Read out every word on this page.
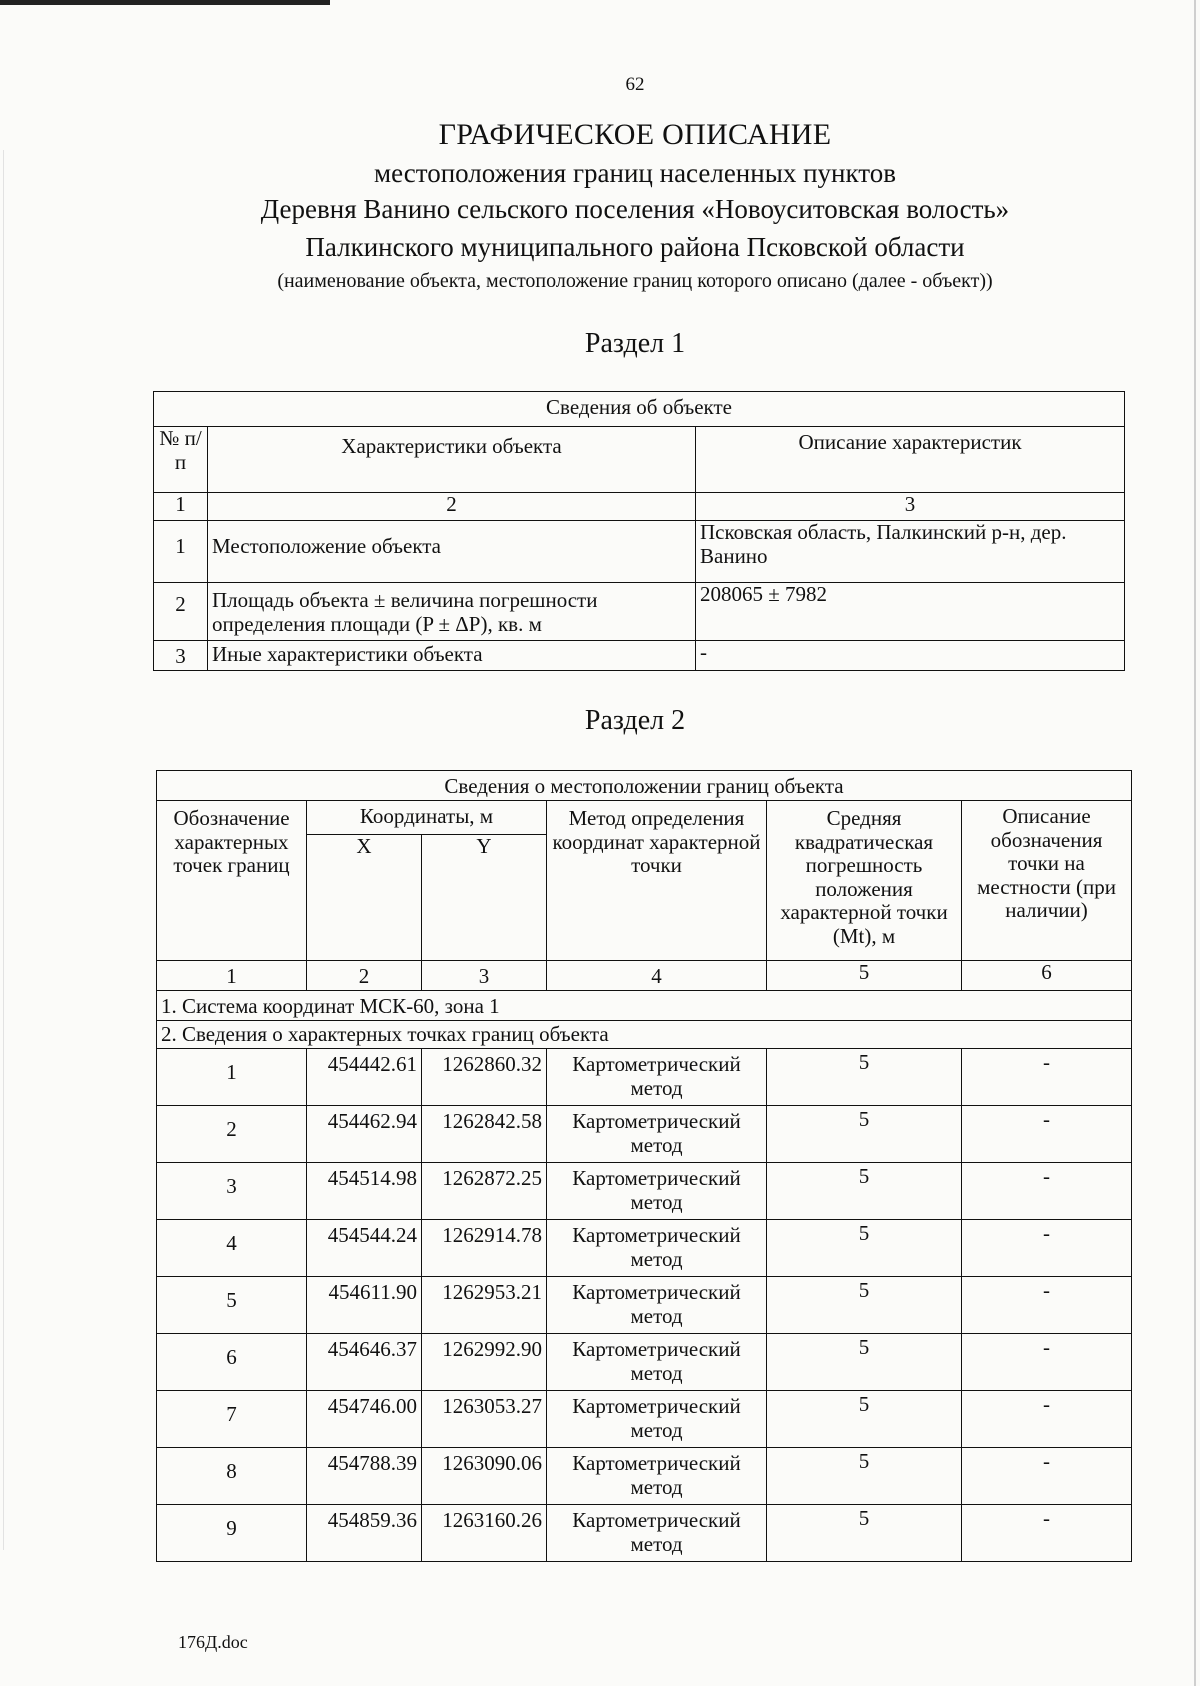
62
ГРАФИЧЕСКОЕ ОПИСАНИЕ
местоположения границ населенных пунктов
Деревня Ванино сельского поселения «Новоуситовская волость»
Палкинского муниципального района Псковской области
(наименование объекта, местоположение границ которого описано (далее - объект))
Раздел 1
Сведения об объекте		
№ п/п	Характеристики объекта	Описание характеристик
1	2	3
1	Местоположение объекта	Псковская область, Палкинский р-н, дер. Ванино
2	Площадь объекта ± величина погрешности определения площади (P ± ΔP), кв. м	208065 ± 7982
3	Иные характеристики объекта	-
Раздел 2
Сведения о местоположении границ объекта					
Обозначение характерных точек границ	Координаты, м		Метод определения координат характерной точки	Средняя квадратическая погрешность положения характерной точки (Mt), м	Описание обозначения точки на местности (при наличии)
	X	Y			
1	2	3	4	5	6
1. Система координат МСК-60, зона 1					
2. Сведения о характерных точках границ объекта					
1	454442.61	1262860.32	Картометрический метод	5	-
2	454462.94	1262842.58	Картометрический метод	5	-
3	454514.98	1262872.25	Картометрический метод	5	-
4	454544.24	1262914.78	Картометрический метод	5	-
5	454611.90	1262953.21	Картометрический метод	5	-
6	454646.37	1262992.90	Картометрический метод	5	-
7	454746.00	1263053.27	Картометрический метод	5	-
8	454788.39	1263090.06	Картометрический метод	5	-
9	454859.36	1263160.26	Картометрический метод	5	-
176Д.doc
